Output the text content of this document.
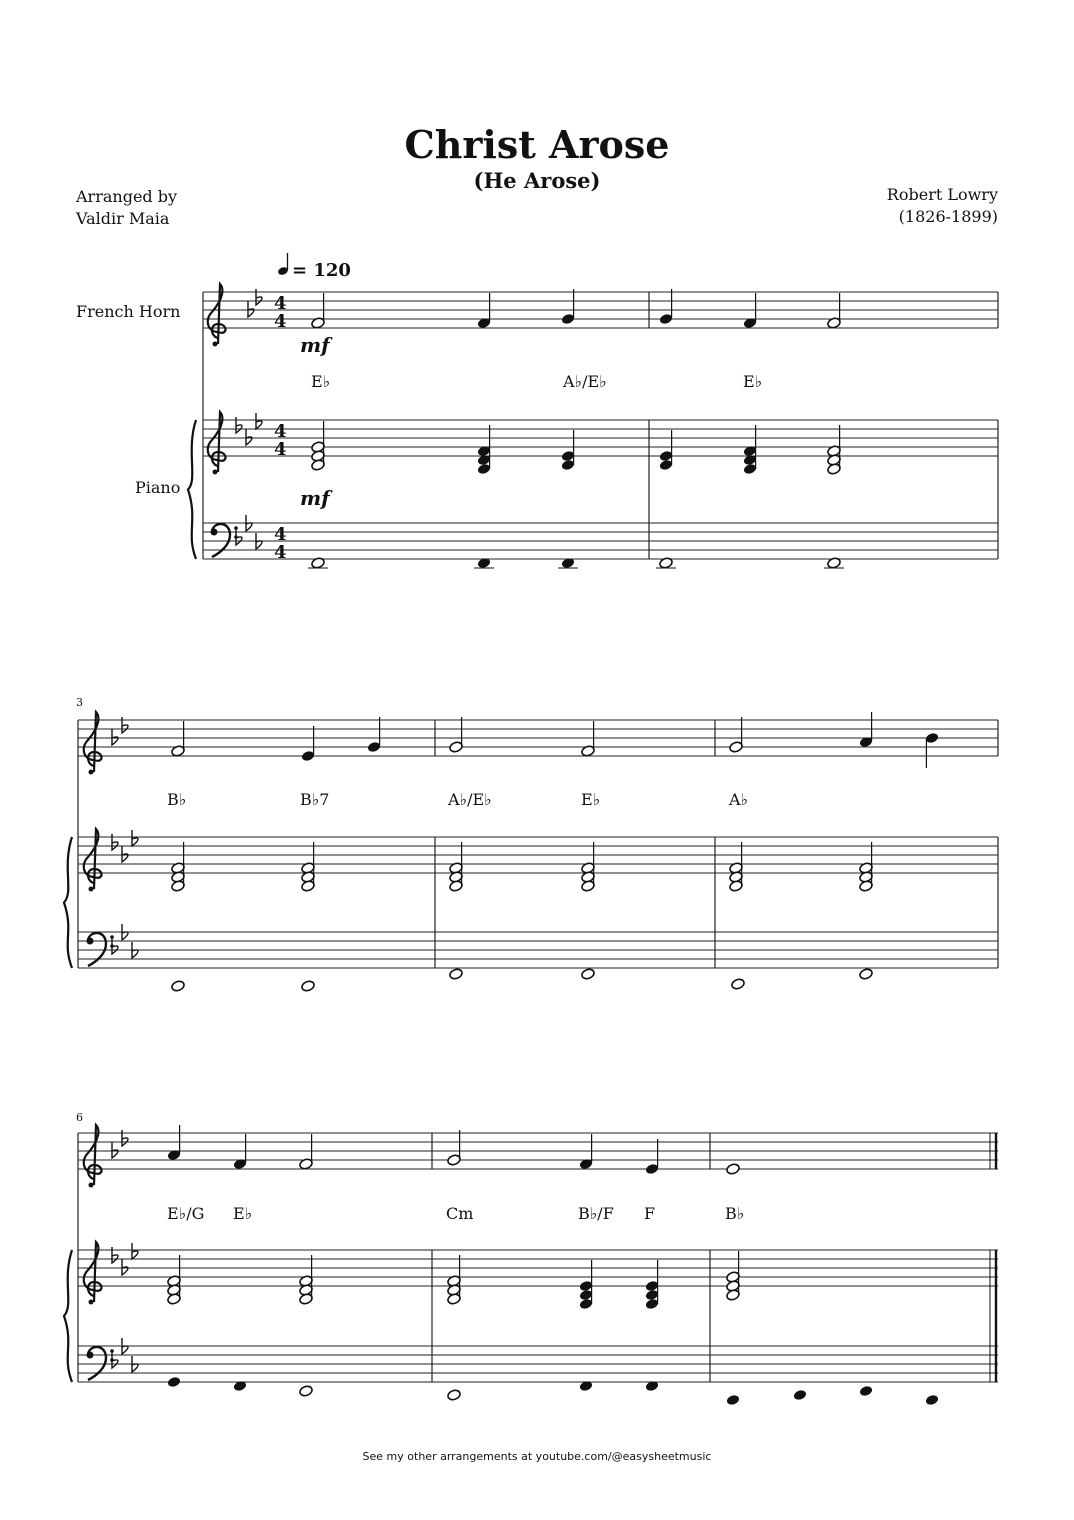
Christ Arose
(He Arose)
Arranged by
Valdir Maia
Robert Lowry
(1826-1899)
= 120
French Horn
Piano
mf
mf
3
6
E♭	A♭/E♭	E♭
B♭	B♭7	A♭/E♭	E♭	A♭
E♭/G E♭	Cm	B♭/F F	B♭
4
4
4
4
4
4
See my other arrangements at youtube.com/@easysheetmusic
